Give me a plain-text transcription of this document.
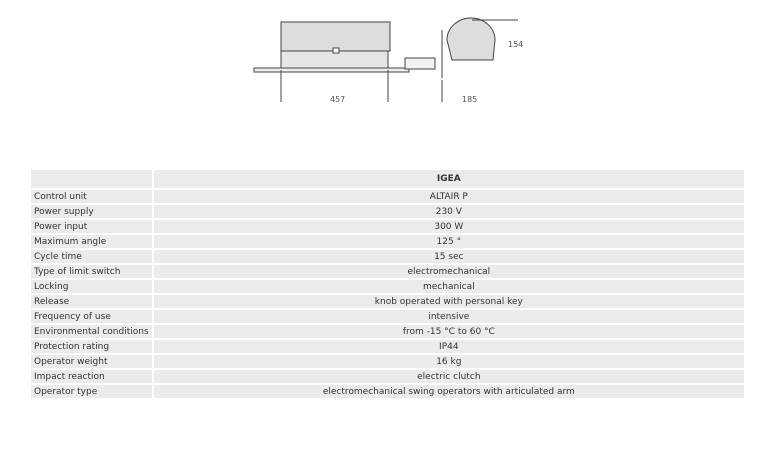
457	185
154
	IGEA
Control unit	ALTAIR P
Power supply	230 V
Power input	300 W
Maximum angle	125 °
Cycle time	15 sec
Type of limit switch	electromechanical
Locking	mechanical
Release	knob operated with personal key
Frequency of use	intensive
Environmental conditions	from -15 °C to 60 °C
Protection rating	IP44
Operator weight	16 kg
Impact reaction	electric clutch
Operator type	electromechanical swing operators with articulated arm
